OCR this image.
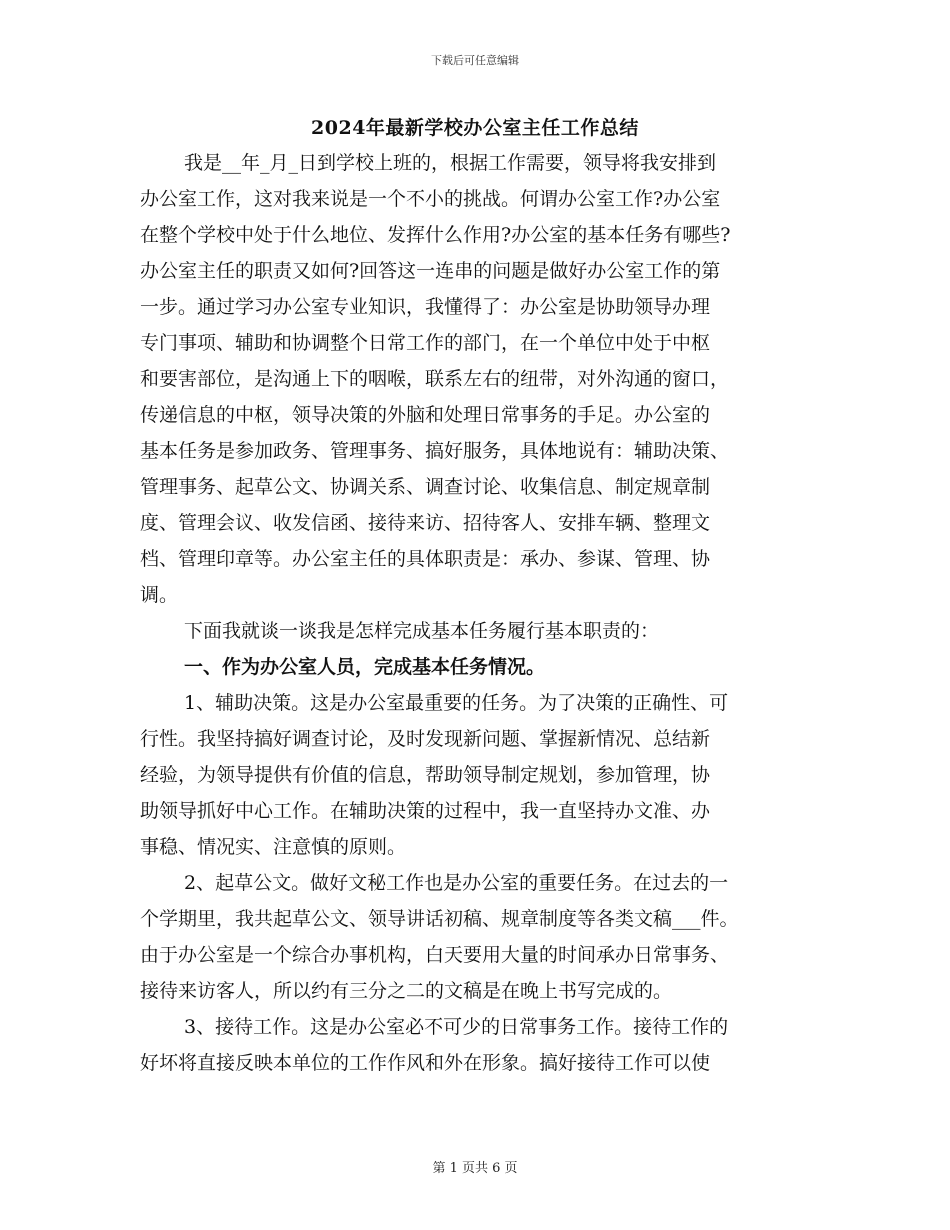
下载后可任意编辑
2024年最新学校办公室主任工作总结
我是__年_月_日到学校上班的，根据工作需要，领导将我安排到
办公室工作，这对我来说是一个不小的挑战。何谓办公室工作?办公室
在整个学校中处于什么地位、发挥什么作用?办公室的基本任务有哪些?
办公室主任的职责又如何?回答这一连串的问题是做好办公室工作的第
一步。通过学习办公室专业知识，我懂得了：办公室是协助领导办理
专门事项、辅助和协调整个日常工作的部门，在一个单位中处于中枢
和要害部位，是沟通上下的咽喉，联系左右的纽带，对外沟通的窗口，
传递信息的中枢，领导决策的外脑和处理日常事务的手足。办公室的
基本任务是参加政务、管理事务、搞好服务，具体地说有：辅助决策、
管理事务、起草公文、协调关系、调查讨论、收集信息、制定规章制
度、管理会议、收发信函、接待来访、招待客人、安排车辆、整理文
档、管理印章等。办公室主任的具体职责是：承办、参谋、管理、协
调。
下面我就谈一谈我是怎样完成基本任务履行基本职责的：
一、作为办公室人员，完成基本任务情况。
1、辅助决策。这是办公室最重要的任务。为了决策的正确性、可
行性。我坚持搞好调查讨论，及时发现新问题、掌握新情况、总结新
经验，为领导提供有价值的信息，帮助领导制定规划，参加管理，协
助领导抓好中心工作。在辅助决策的过程中，我一直坚持办文准、办
事稳、情况实、注意慎的原则。
2、起草公文。做好文秘工作也是办公室的重要任务。在过去的一
个学期里，我共起草公文、领导讲话初稿、规章制度等各类文稿___件。
由于办公室是一个综合办事机构，白天要用大量的时间承办日常事务、
接待来访客人，所以约有三分之二的文稿是在晚上书写完成的。
3、接待工作。这是办公室必不可少的日常事务工作。接待工作的
好坏将直接反映本单位的工作作风和外在形象。搞好接待工作可以使
第 1 页共 6 页
